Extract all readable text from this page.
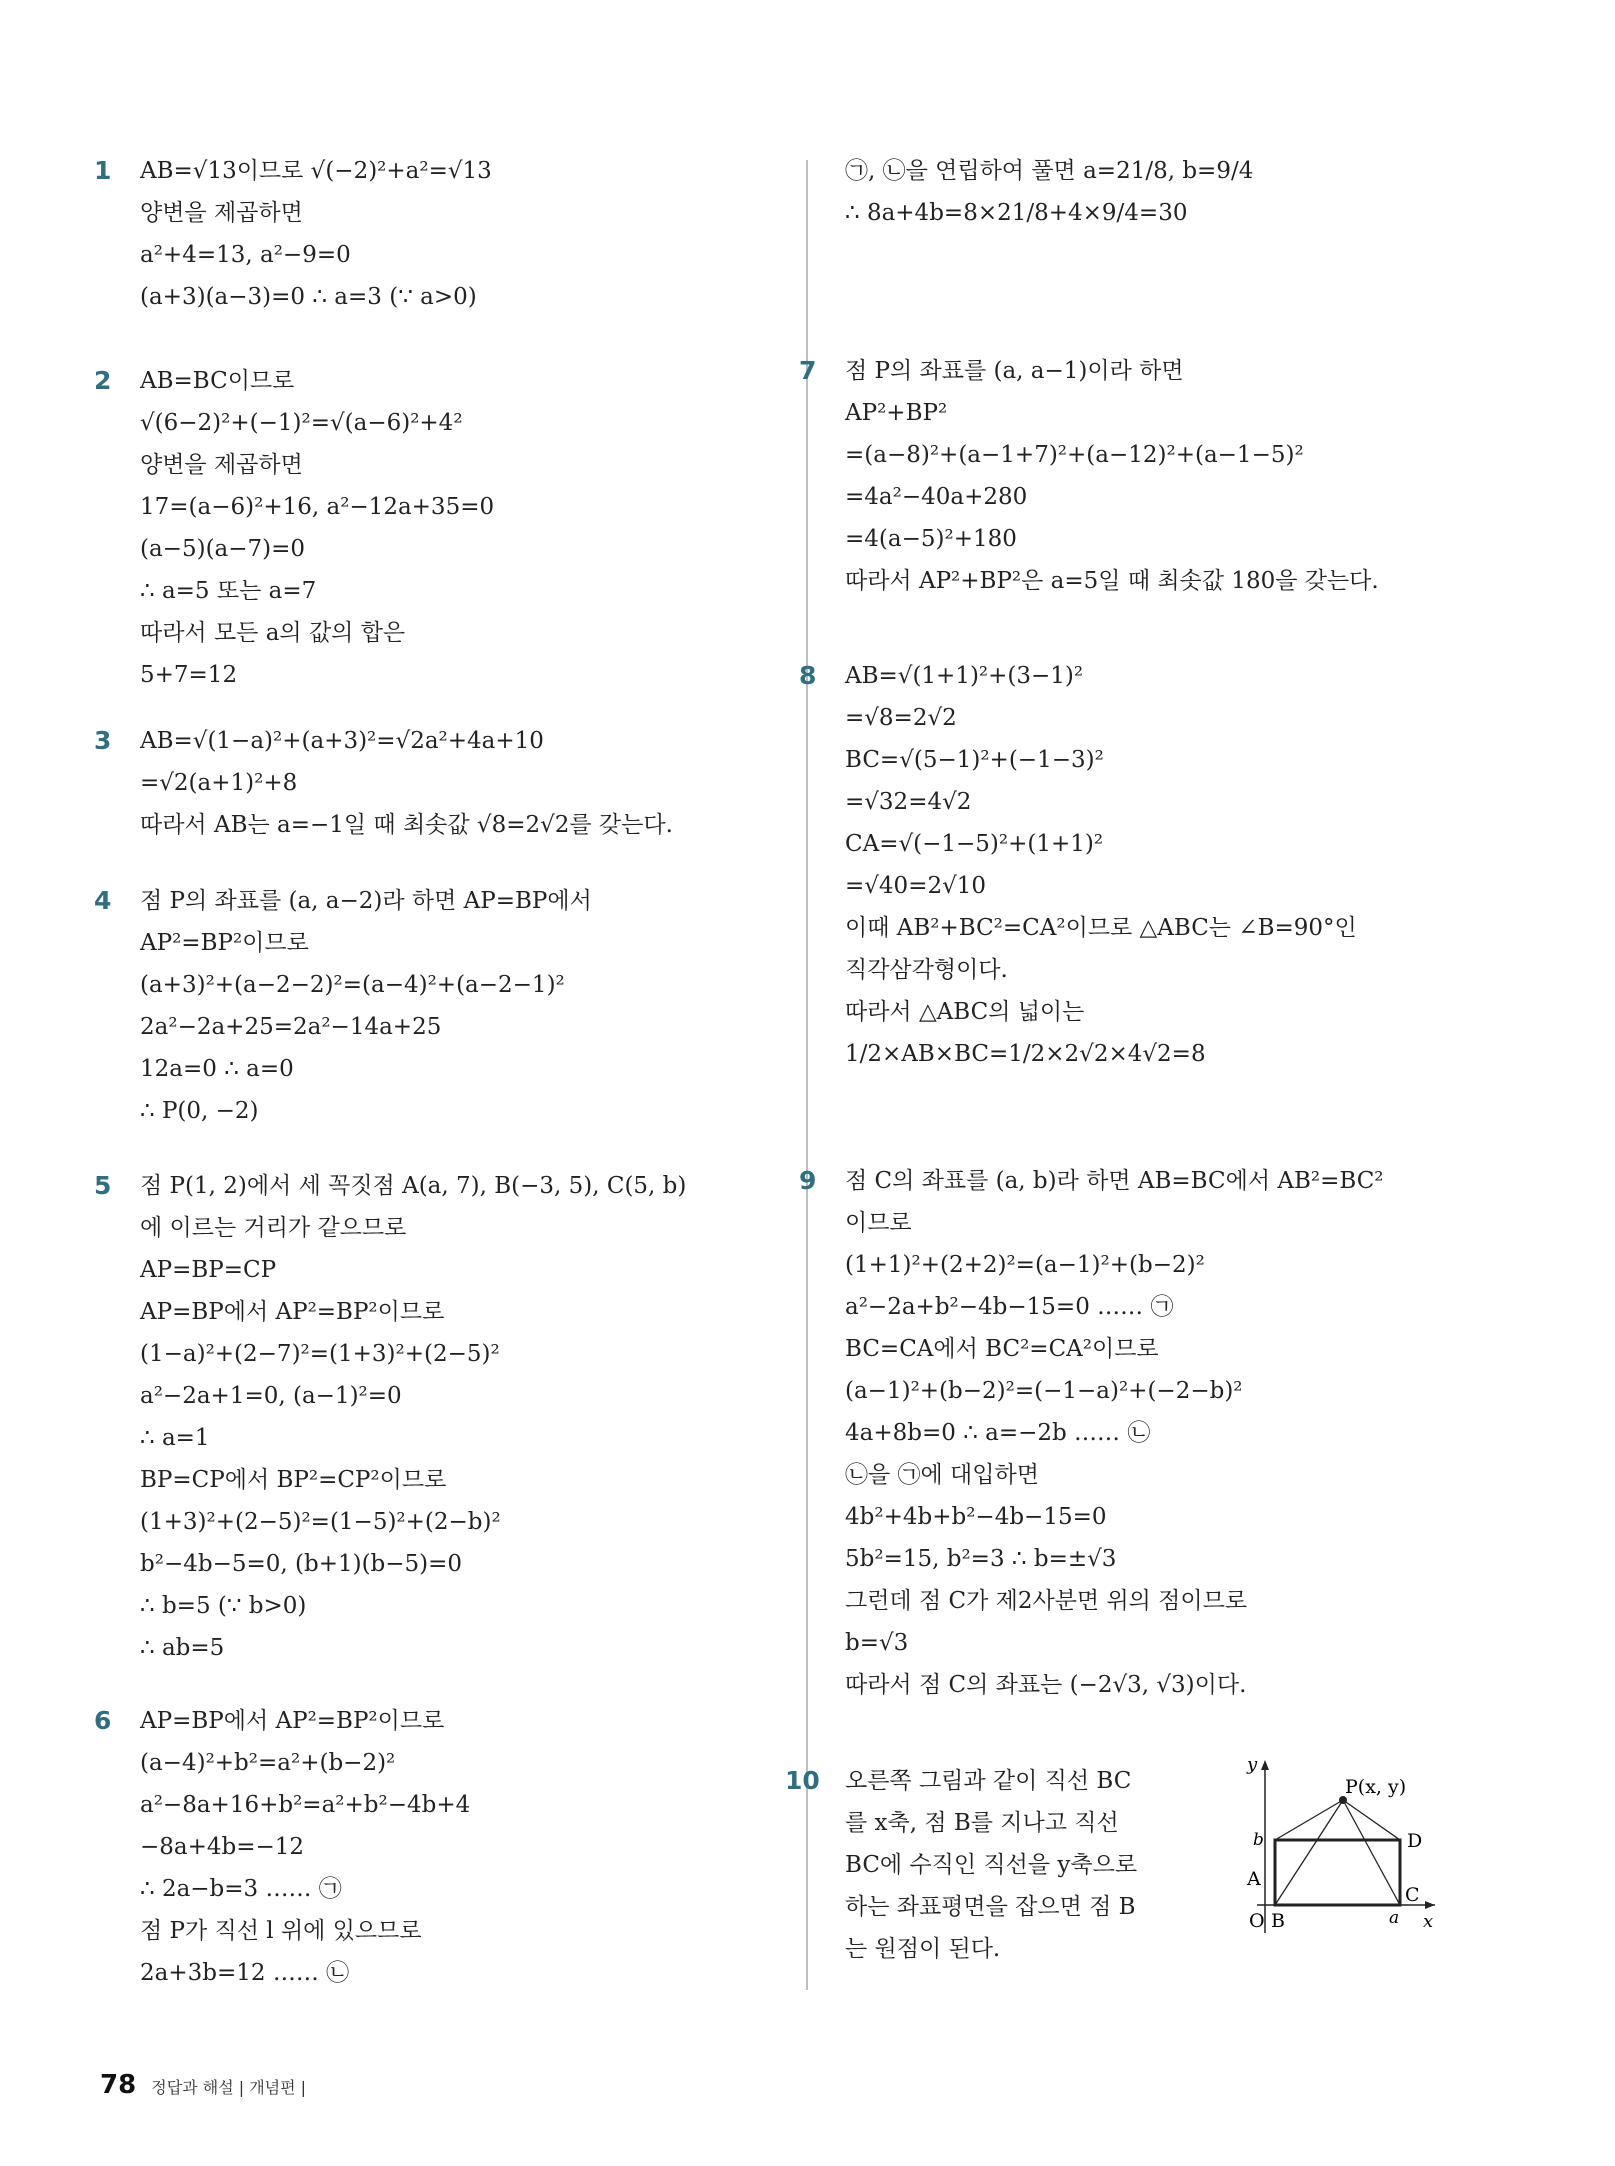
1 AB=√13이므로 √(−2)²+a²=√13
양변을 제곱하면
a²+4=13, a²−9=0
(a+3)(a−3)=0 ∴ a=3 (∵ a>0)
2 AB=BC이므로
√(6−2)²+(−1)²=√(a−6)²+4²
양변을 제곱하면
17=(a−6)²+16, a²−12a+35=0
(a−5)(a−7)=0
∴ a=5 또는 a=7
따라서 모든 a의 값의 합은
5+7=12
3 AB=√(1−a)²+(a+3)²=√2a²+4a+10
=√2(a+1)²+8
따라서 AB는 a=−1일 때 최솟값 √8=2√2를 갖는다.
4 점 P의 좌표를 (a, a−2)라 하면 AP=BP에서
AP²=BP²이므로
(a+3)²+(a−2−2)²=(a−4)²+(a−2−1)²
2a²−2a+25=2a²−14a+25
12a=0 ∴ a=0
∴ P(0, −2)
5 점 P(1, 2)에서 세 꼭짓점 A(a, 7), B(−3, 5), C(5, b)
에 이르는 거리가 같으므로
AP=BP=CP
AP=BP에서 AP²=BP²이므로
(1−a)²+(2−7)²=(1+3)²+(2−5)²
a²−2a+1=0, (a−1)²=0
∴ a=1
BP=CP에서 BP²=CP²이므로
(1+3)²+(2−5)²=(1−5)²+(2−b)²
b²−4b−5=0, (b+1)(b−5)=0
∴ b=5 (∵ b>0)
∴ ab=5
6 AP=BP에서 AP²=BP²이므로
(a−4)²+b²=a²+(b−2)²
a²−8a+16+b²=a²+b²−4b+4
−8a+4b=−12
∴ 2a−b=3 …… ㉠
점 P가 직선 l 위에 있으므로
2a+3b=12 …… ㉡
㉠, ㉡을 연립하여 풀면 a=21/8, b=9/4
∴ 8a+4b=8×21/8+4×9/4=30
7 점 P의 좌표를 (a, a−1)이라 하면
AP²+BP²
=(a−8)²+(a−1+7)²+(a−12)²+(a−1−5)²
=4a²−40a+280
=4(a−5)²+180
따라서 AP²+BP²은 a=5일 때 최솟값 180을 갖는다.
8 AB=√(1+1)²+(3−1)²
=√8=2√2
BC=√(5−1)²+(−1−3)²
=√32=4√2
CA=√(−1−5)²+(1+1)²
=√40=2√10
이때 AB²+BC²=CA²이므로 △ABC는 ∠B=90°인
직각삼각형이다.
따라서 △ABC의 넓이는
1/2×AB×BC=1/2×2√2×4√2=8
9 점 C의 좌표를 (a, b)라 하면 AB=BC에서 AB²=BC²
이므로
(1+1)²+(2+2)²=(a−1)²+(b−2)²
a²−2a+b²−4b−15=0 …… ㉠
BC=CA에서 BC²=CA²이므로
(a−1)²+(b−2)²=(−1−a)²+(−2−b)²
4a+8b=0 ∴ a=−2b …… ㉡
㉡을 ㉠에 대입하면
4b²+4b+b²−4b−15=0
5b²=15, b²=3 ∴ b=±√3
그런데 점 C가 제2사분면 위의 점이므로
b=√3
따라서 점 C의 좌표는 (−2√3, √3)이다.
10 오른쪽 그림과 같이 직선 BC
를 x축, 점 B를 지나고 직선
BC에 수직인 직선을 y축으로
하는 좌표평면을 잡으면 점 B
는 원점이 된다.
P(x, y)
D
A
C
O B
y
x
a
b
78 정답과 해설 | 개념편 |
